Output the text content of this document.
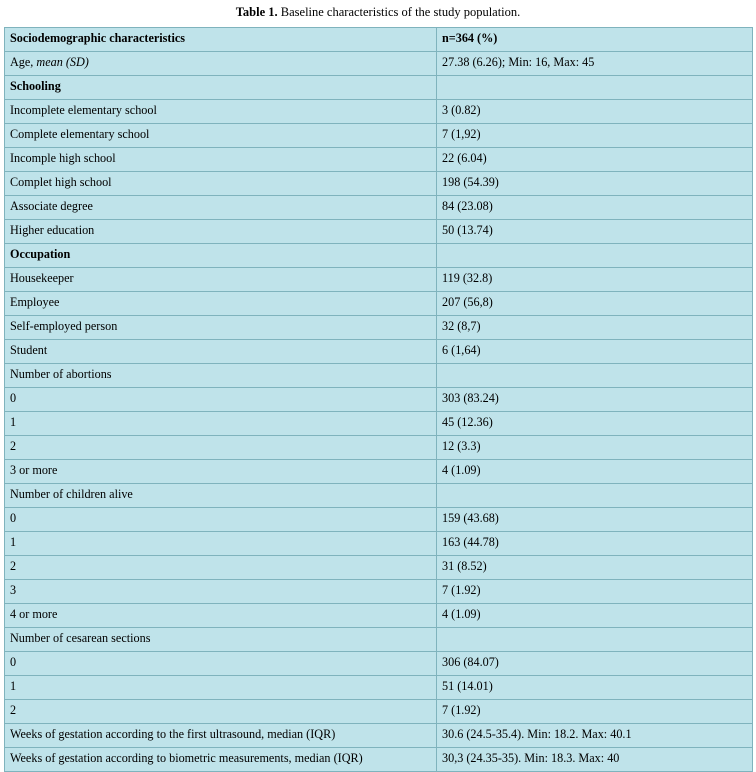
Table 1. Baseline characteristics of the study population.
Sociodemographic characteristics	n=364 (%)
Age, mean (SD)	27.38 (6.26); Min: 16, Max: 45
Schooling	
Incomplete elementary school	3 (0.82)
Complete elementary school	7 (1,92)
Incomple high school	22 (6.04)
Complet high school	198 (54.39)
Associate degree	84 (23.08)
Higher education	50 (13.74)
Occupation	
Housekeeper	119 (32.8)
Employee	207 (56,8)
Self-employed person	32 (8,7)
Student	6 (1,64)
Number of abortions	
0	303 (83.24)
1	45 (12.36)
2	12 (3.3)
3 or more	4 (1.09)
Number of children alive	
0	159 (43.68)
1	163 (44.78)
2	31 (8.52)
3	7 (1.92)
4 or more	4 (1.09)
Number of cesarean sections	
0	306 (84.07)
1	51 (14.01)
2	7 (1.92)
Weeks of gestation according to the first ultrasound, median (IQR)	30.6 (24.5-35.4). Min: 18.2. Max: 40.1
Weeks of gestation according to biometric measurements, median (IQR)	30,3 (24.35-35). Min: 18.3. Max: 40
